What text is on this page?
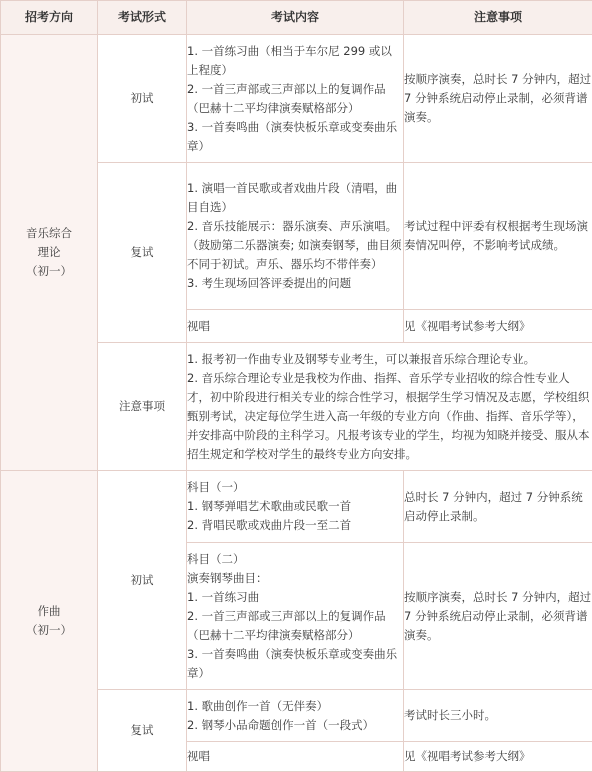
招考方向	考试形式	考试内容	注意事项
音乐综合
理论
（初一）	初试	1. 一首练习曲（相当于车尔尼 299 或以上程度）
2. 一首三声部或三声部以上的复调作品（巴赫十二平均律演奏赋格部分）
3. 一首奏鸣曲（演奏快板乐章或变奏曲乐章）	按顺序演奏，总时长 7 分钟内，超过 7 分钟系统启动停止录制，必须背谱演奏。
	复试	1. 演唱一首民歌或者戏曲片段（清唱，曲目自选）
2. 音乐技能展示：器乐演奏、声乐演唱。（鼓励第二乐器演奏; 如演奏钢琴，曲目须不同于初试。声乐、器乐均不带伴奏）
3. 考生现场回答评委提出的问题	考试过程中评委有权根据考生现场演奏情况叫停，不影响考试成绩。
		视唱	见《视唱考试参考大纲》
	注意事项	1. 报考初一作曲专业及钢琴专业考生，可以兼报音乐综合理论专业。
2. 音乐综合理论专业是我校为作曲、指挥、音乐学专业招收的综合性专业人才，初中阶段进行相关专业的综合性学习，根据学生学习情况及志愿，学校组织甄别考试，决定每位学生进入高一年级的专业方向（作曲、指挥、音乐学等），并安排高中阶段的主科学习。凡报考该专业的学生，均视为知晓并接受、服从本招生规定和学校对学生的最终专业方向安排。	

作曲
（初一）	初试	科目（一）
1. 钢琴弹唱艺术歌曲或民歌一首
2. 背唱民歌或戏曲片段一至二首	总时长 7 分钟内，超过 7 分钟系统启动停止录制。

		科目（二）
演奏钢琴曲目：
1. 一首练习曲
2. 一首三声部或三声部以上的复调作品（巴赫十二平均律演奏赋格部分）
3. 一首奏鸣曲（演奏快板乐章或变奏曲乐章）	按顺序演奏，总时长 7 分钟内，超过 7 分钟系统启动停止录制，必须背谱演奏。
	复试	1. 歌曲创作一首（无伴奏）
2. 钢琴小品命题创作一首（一段式）	考试时长三小时。
		视唱	见《视唱考试参考大纲》
